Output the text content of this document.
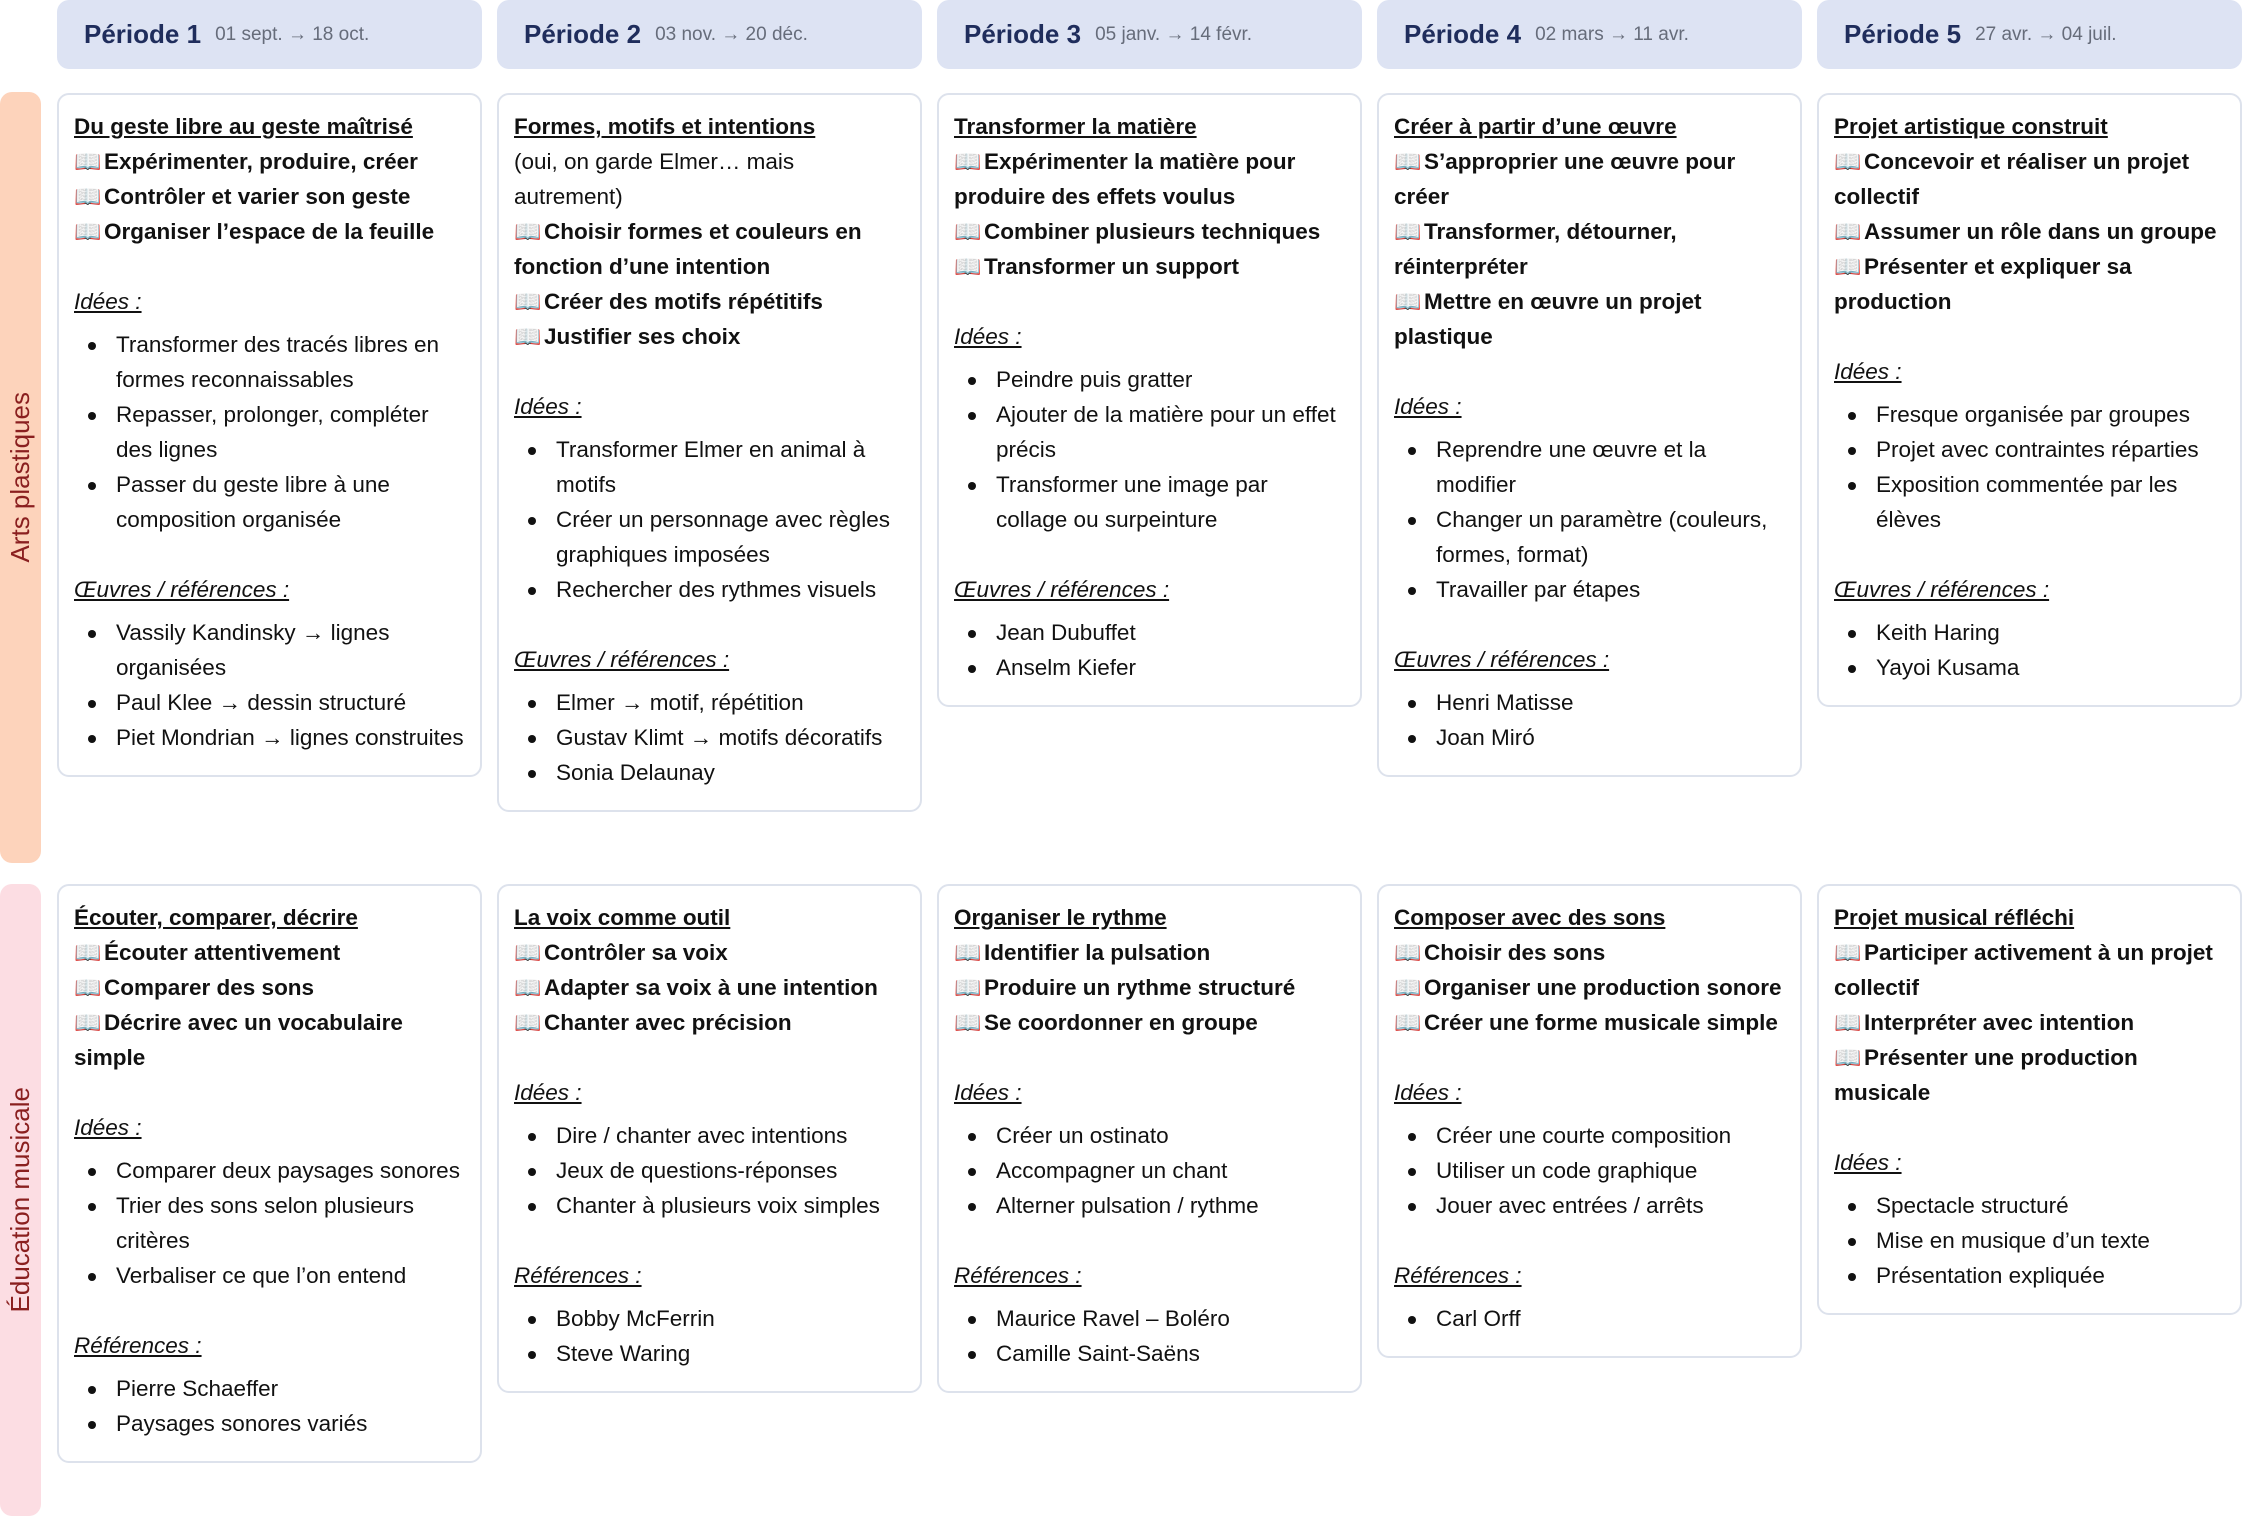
Période 1 01 sept. → 18 oct.	Période 2 03 nov. → 20 déc.	Période 3 05 janv. → 14 févr.	Période 4 02 mars → 11 avr.	Période 5 27 avr. → 04 juil.
Arts plastiques
Éducation musicale
Du geste libre au geste maîtrisé
📖 Expérimenter, produire, créer
📖 Contrôler et varier son geste
📖 Organiser l’espace de la feuille
Idées :
Transformer des tracés libres en formes reconnaissables
Repasser, prolonger, compléter des lignes
Passer du geste libre à une composition organisée
Œuvres / références :
Vassily Kandinsky → lignes organisées
Paul Klee → dessin structuré
Piet Mondrian → lignes construites
Formes, motifs et intentions
(oui, on garde Elmer… mais autrement)
📖 Choisir formes et couleurs en fonction d’une intention
📖 Créer des motifs répétitifs
📖 Justifier ses choix
Idées :
Transformer Elmer en animal à motifs
Créer un personnage avec règles graphiques imposées
Rechercher des rythmes visuels
Œuvres / références :
Elmer → motif, répétition
Gustav Klimt → motifs décoratifs
Sonia Delaunay
Transformer la matière
📖 Expérimenter la matière pour produire des effets voulus
📖 Combiner plusieurs techniques
📖 Transformer un support
Idées :
Peindre puis gratter
Ajouter de la matière pour un effet précis
Transformer une image par collage ou surpeinture
Œuvres / références :
Jean Dubuffet
Anselm Kiefer
Créer à partir d’une œuvre
📖 S’approprier une œuvre pour créer
📖 Transformer, détourner, réinterpréter
📖 Mettre en œuvre un projet plastique
Idées :
Reprendre une œuvre et la modifier
Changer un paramètre (couleurs, formes, format)
Travailler par étapes
Œuvres / références :
Henri Matisse
Joan Miró
Projet artistique construit
📖 Concevoir et réaliser un projet collectif
📖 Assumer un rôle dans un groupe
📖 Présenter et expliquer sa production
Idées :
Fresque organisée par groupes
Projet avec contraintes réparties
Exposition commentée par les élèves
Œuvres / références :
Keith Haring
Yayoi Kusama
Écouter, comparer, décrire
📖 Écouter attentivement
📖 Comparer des sons
📖 Décrire avec un vocabulaire simple
Idées :
Comparer deux paysages sonores
Trier des sons selon plusieurs critères
Verbaliser ce que l’on entend
Références :
Pierre Schaeffer
Paysages sonores variés
La voix comme outil
📖 Contrôler sa voix
📖 Adapter sa voix à une intention
📖 Chanter avec précision
Idées :
Dire / chanter avec intentions
Jeux de questions-réponses
Chanter à plusieurs voix simples
Références :
Bobby McFerrin
Steve Waring
Organiser le rythme
📖 Identifier la pulsation
📖 Produire un rythme structuré
📖 Se coordonner en groupe
Idées :
Créer un ostinato
Accompagner un chant
Alterner pulsation / rythme
Références :
Maurice Ravel – Boléro
Camille Saint-Saëns
Composer avec des sons
📖 Choisir des sons
📖 Organiser une production sonore
📖 Créer une forme musicale simple
Idées :
Créer une courte composition
Utiliser un code graphique
Jouer avec entrées / arrêts
Références :
Carl Orff
Projet musical réfléchi
📖 Participer activement à un projet collectif
📖 Interpréter avec intention
📖 Présenter une production musicale
Idées :
Spectacle structuré
Mise en musique d’un texte
Présentation expliquée
